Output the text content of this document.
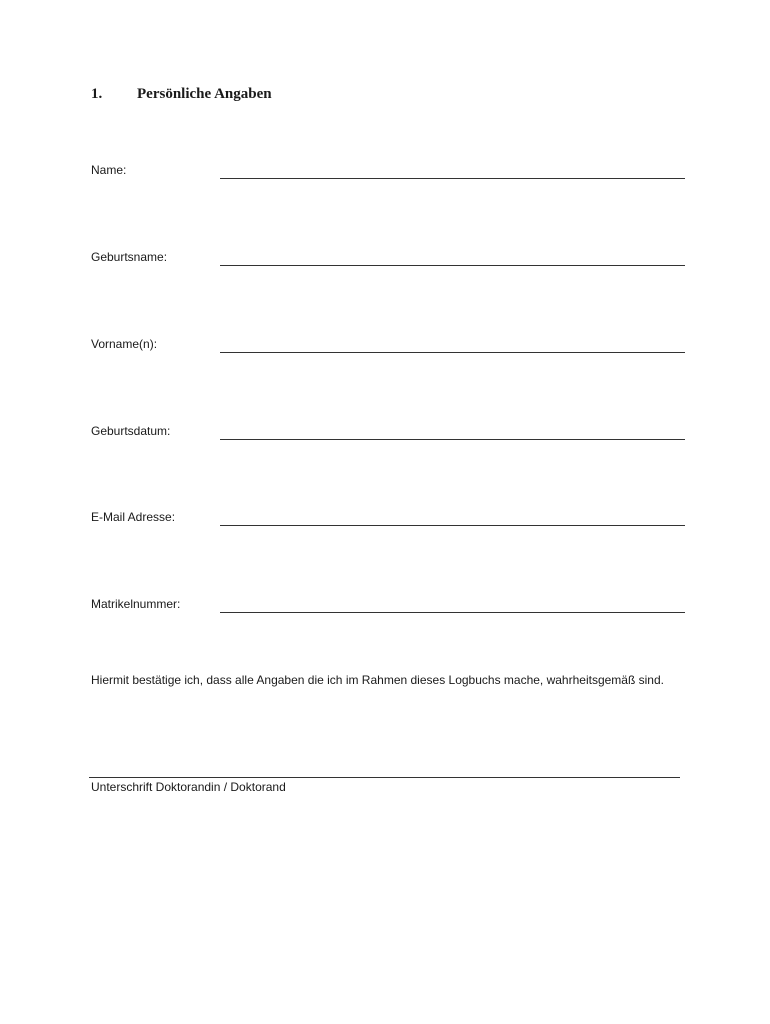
1. Persönliche Angaben
Name:
Geburtsname:
Vorname(n):
Geburtsdatum:
E-Mail Adresse:
Matrikelnummer:
Hiermit bestätige ich, dass alle Angaben die ich im Rahmen dieses Logbuchs mache, wahrheitsgemäß sind.
Unterschrift Doktorandin / Doktorand
